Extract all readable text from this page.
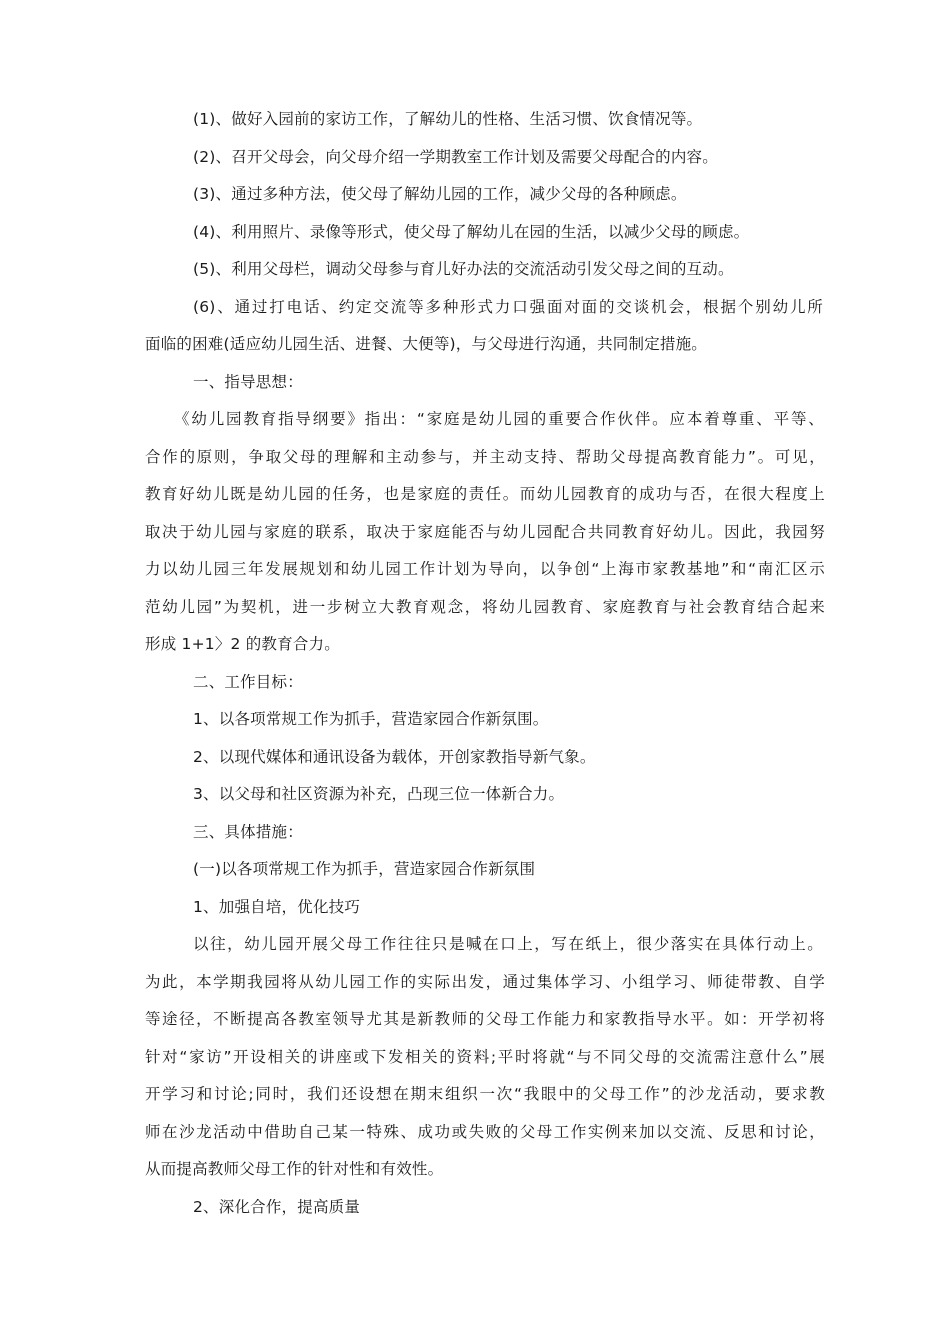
(1)、做好入园前的家访工作，了解幼儿的性格、生活习惯、饮食情况等。
(2)、召开父母会，向父母介绍一学期教室工作计划及需要父母配合的内容。
(3)、通过多种方法，使父母了解幼儿园的工作，减少父母的各种顾虑。
(4)、利用照片、录像等形式，使父母了解幼儿在园的生活，以减少父母的顾虑。
(5)、利用父母栏，调动父母参与育儿好办法的交流活动引发父母之间的互动。
(6)、通过打电话、约定交流等多种形式力口强面对面的交谈机会，根据个别幼儿所
面临的困难(适应幼儿园生活、进餐、大便等)，与父母进行沟通，共同制定措施。
一、指导思想：
《幼儿园教育指导纲要》指出：“家庭是幼儿园的重要合作伙伴。应本着尊重、平等、
合作的原则，争取父母的理解和主动参与，并主动支持、帮助父母提高教育能力”。可见，
教育好幼儿既是幼儿园的任务，也是家庭的责任。而幼儿园教育的成功与否，在很大程度上
取决于幼儿园与家庭的联系，取决于家庭能否与幼儿园配合共同教育好幼儿。因此，我园努
力以幼儿园三年发展规划和幼儿园工作计划为导向，以争创“上海市家教基地”和“南汇区示
范幼儿园”为契机，进一步树立大教育观念，将幼儿园教育、家庭教育与社会教育结合起来
形成 1+1〉2 的教育合力。
二、工作目标：
1、以各项常规工作为抓手，营造家园合作新氛围。
2、以现代媒体和通讯设备为载体，开创家教指导新气象。
3、以父母和社区资源为补充，凸现三位一体新合力。
三、具体措施：
(一)以各项常规工作为抓手，营造家园合作新氛围
1、加强自培，优化技巧
以往，幼儿园开展父母工作往往只是喊在口上，写在纸上，很少落实在具体行动上。
为此，本学期我园将从幼儿园工作的实际出发，通过集体学习、小组学习、师徒带教、自学
等途径，不断提高各教室领导尤其是新教师的父母工作能力和家教指导水平。如：开学初将
针对“家访”开设相关的讲座或下发相关的资料;平时将就“与不同父母的交流需注意什么”展
开学习和讨论;同时，我们还设想在期末组织一次“我眼中的父母工作”的沙龙活动，要求教
师在沙龙活动中借助自己某一特殊、成功或失败的父母工作实例来加以交流、反思和讨论，
从而提高教师父母工作的针对性和有效性。
2、深化合作，提高质量
